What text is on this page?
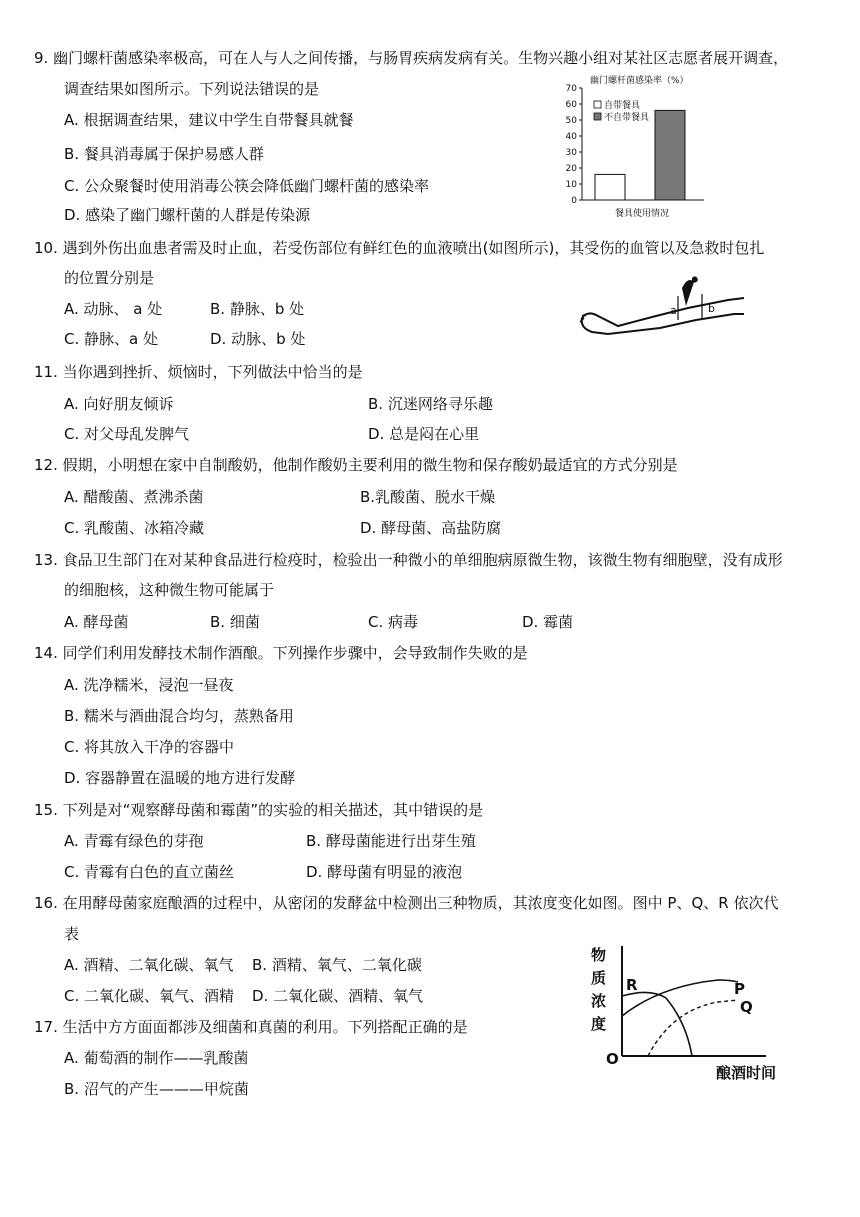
9. 幽门螺杆菌感染率极高，可在人与人之间传播，与肠胃疾病发病有关。生物兴趣小组对某社区志愿者展开调查，
调查结果如图所示。下列说法错误的是
A. 根据调查结果，建议中学生自带餐具就餐
B. 餐具消毒属于保护易感人群
C. 公众聚餐时使用消毒公筷会降低幽门螺杆菌的感染率
D. 感染了幽门螺杆菌的人群是传染源
幽门螺杆菌感染率（%）
0
10
20
30
40
50
60
70
自带餐具
不自带餐具
餐具使用情况
10. 遇到外伤出血患者需及时止血，若受伤部位有鲜红色的血液喷出(如图所示)，其受伤的血管以及急救时包扎
的位置分别是
A. 动脉、 a 处	B. 静脉、b 处
C. 静脉、a 处	D. 动脉、b 处
a	b
11. 当你遇到挫折、烦恼时，下列做法中恰当的是
A. 向好朋友倾诉	B. 沉迷网络寻乐趣
C. 对父母乱发脾气	D. 总是闷在心里
12. 假期，小明想在家中自制酸奶，他制作酸奶主要利用的微生物和保存酸奶最适宜的方式分别是
A. 醋酸菌、煮沸杀菌	B.乳酸菌、脱水干燥
C. 乳酸菌、冰箱冷藏	D. 酵母菌、高盐防腐
13. 食品卫生部门在对某种食品进行检疫时，检验出一种微小的单细胞病原微生物，该微生物有细胞壁，没有成形
的细胞核，这种微生物可能属于
A. 酵母菌	B. 细菌	C. 病毒	D. 霉菌
14. 同学们利用发酵技术制作酒酿。下列操作步骤中，会导致制作失败的是
A. 洗净糯米，浸泡一昼夜
B. 糯米与酒曲混合均匀，蒸熟备用
C. 将其放入干净的容器中
D. 容器静置在温暖的地方进行发酵
15. 下列是对“观察酵母菌和霉菌”的实验的相关描述，其中错误的是
A. 青霉有绿色的芽孢	B. 酵母菌能进行出芽生殖
C. 青霉有白色的直立菌丝	D. 酵母菌有明显的液泡
16. 在用酵母菌家庭酿酒的过程中，从密闭的发酵盆中检测出三种物质，其浓度变化如图。图中 P、Q、R 依次代
表
A. 酒精、二氧化碳、氧气 B. 酒精、氧气、二氧化碳
C. 二氧化碳、氧气、酒精 D. 二氧化碳、酒精、氧气
物
质
浓
度
O
R	P
Q
酿酒时间
17. 生活中方方面面都涉及细菌和真菌的利用。下列搭配正确的是
A. 葡萄酒的制作——乳酸菌
B. 沼气的产生———甲烷菌
